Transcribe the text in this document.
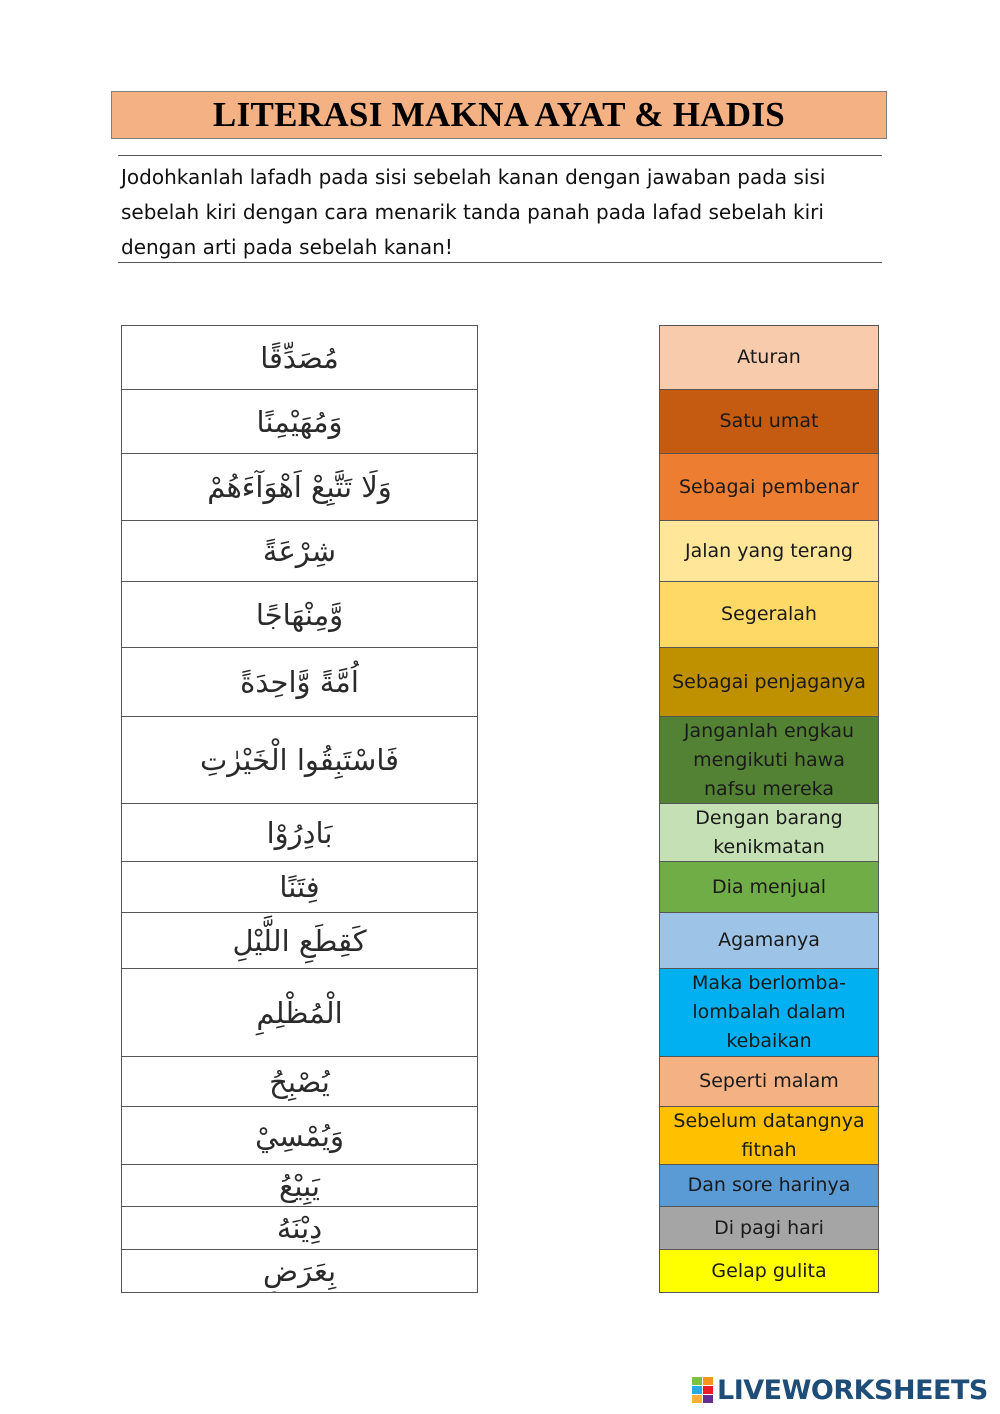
LITERASI MAKNA AYAT & HADIS
Jodohkanlah lafadh pada sisi sebelah kanan dengan jawaban pada sisi sebelah kiri dengan cara menarik tanda panah pada lafad sebelah kiri dengan arti pada sebelah kanan!
مُصَدِّقًا
وَمُهَيْمِنًا
وَلَا تَتَّبِعْ اَهْوَآءَهُمْ
شِرْعَةً
وَّمِنْهَاجًا
اُمَّةً وَّاحِدَةً
فَاسْتَبِقُوا الْخَيْرٰتِ
بَادِرُوْا
فِتَنًا
كَقِطَعِ اللَّيْلِ
الْمُظْلِمِ
يُصْبِحُ
وَيُمْسِيْ
يَبِيْعُ
دِيْنَهُ
بِعَرَضٍ
Aturan
Satu umat
Sebagai pembenar
Jalan yang terang
Segeralah
Sebagai penjaganya
Janganlah engkau mengikuti hawa nafsu mereka
Dengan barang kenikmatan
Dia menjual
Agamanya
Maka berlomba-lombalah dalam kebaikan
Seperti malam
Sebelum datangnya fitnah
Dan sore harinya
Di pagi hari
Gelap gulita
LIVEWORKSHEETS
